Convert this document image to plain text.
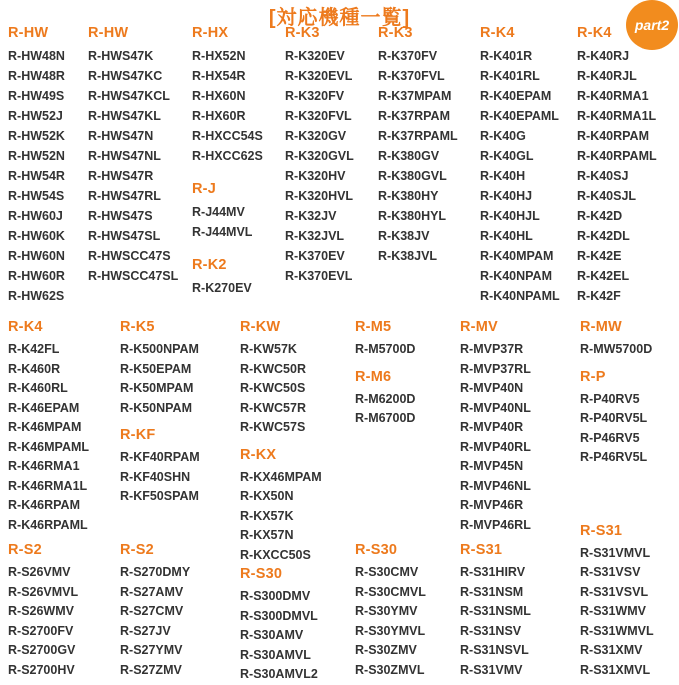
[対応機種一覧]	part2
R-HW
R-HW48N
R-HW48R
R-HW49S
R-HW52J
R-HW52K
R-HW52N
R-HW54R
R-HW54S
R-HW60J
R-HW60K
R-HW60N
R-HW60R
R-HW62S
R-HW
R-HWS47K
R-HWS47KC
R-HWS47KCL
R-HWS47KL
R-HWS47N
R-HWS47NL
R-HWS47R
R-HWS47RL
R-HWS47S
R-HWS47SL
R-HWSCC47S
R-HWSCC47SL
R-HX
R-HX52N
R-HX54R
R-HX60N
R-HX60R
R-HXCC54S
R-HXCC62S
R-J
R-J44MV
R-J44MVL
R-K2
R-K270EV
R-K3
R-K320EV
R-K320EVL
R-K320FV
R-K320FVL
R-K320GV
R-K320GVL
R-K320HV
R-K320HVL
R-K32JV
R-K32JVL
R-K370EV
R-K370EVL
R-K3
R-K370FV
R-K370FVL
R-K37MPAM
R-K37RPAM
R-K37RPAML
R-K380GV
R-K380GVL
R-K380HY
R-K380HYL
R-K38JV
R-K38JVL
R-K4
R-K401R
R-K401RL
R-K40EPAM
R-K40EPAML
R-K40G
R-K40GL
R-K40H
R-K40HJ
R-K40HJL
R-K40HL
R-K40MPAM
R-K40NPAM
R-K40NPAML
R-K4
R-K40RJ
R-K40RJL
R-K40RMA1
R-K40RMA1L
R-K40RPAM
R-K40RPAML
R-K40SJ
R-K40SJL
R-K42D
R-K42DL
R-K42E
R-K42EL
R-K42F
R-K4
R-K42FL
R-K460R
R-K460RL
R-K46EPAM
R-K46MPAM
R-K46MPAML
R-K46RMA1
R-K46RMA1L
R-K46RPAM
R-K46RPAML
R-S2
R-S26VMV
R-S26VMVL
R-S26WMV
R-S2700FV
R-S2700GV
R-S2700HV
R-K5
R-K500NPAM
R-K50EPAM
R-K50MPAM
R-K50NPAM
R-KF
R-KF40RPAM
R-KF40SHN
R-KF50SPAM
R-S2
R-S270DMY
R-S27AMV
R-S27CMV
R-S27JV
R-S27YMV
R-S27ZMV
R-KW
R-KW57K
R-KWC50R
R-KWC50S
R-KWC57R
R-KWC57S
R-KX
R-KX46MPAM
R-KX50N
R-KX57K
R-KX57N
R-KXCC50S
R-S30
R-S300DMV
R-S300DMVL
R-S30AMV
R-S30AMVL
R-S30AMVL2
R-M5
R-M5700D
R-M6
R-M6200D
R-M6700D
R-S30
R-S30CMV
R-S30CMVL
R-S30YMV
R-S30YMVL
R-S30ZMV
R-S30ZMVL
R-MV
R-MVP37R
R-MVP37RL
R-MVP40N
R-MVP40NL
R-MVP40R
R-MVP40RL
R-MVP45N
R-MVP46NL
R-MVP46R
R-MVP46RL
R-S31
R-S31HIRV
R-S31NSM
R-S31NSML
R-S31NSV
R-S31NSVL
R-S31VMV
R-MW
R-MW5700D
R-P
R-P40RV5
R-P40RV5L
R-P46RV5
R-P46RV5L
R-S31
R-S31VMVL
R-S31VSV
R-S31VSVL
R-S31WMV
R-S31WMVL
R-S31XMV
R-S31XMVL
